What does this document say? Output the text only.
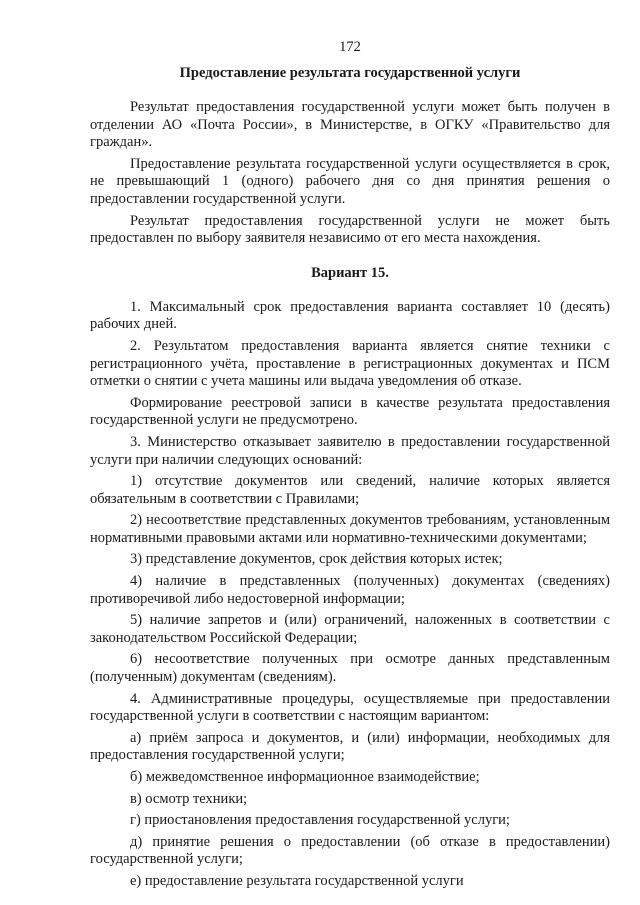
172
Предоставление результата государственной услуги

Результат предоставления государственной услуги может быть получен в отделении АО «Почта России», в Министерстве, в ОГКУ «Правительство для граждан».

Предоставление результата государственной услуги осуществляется в срок, не превышающий 1 (одного) рабочего дня со дня принятия решения о предоставлении государственной услуги.

Результат предоставления государственной услуги не может быть предоставлен по выбору заявителя независимо от его места нахождения.

Вариант 15.

1. Максимальный срок предоставления варианта составляет 10 (десять) рабочих дней.

2. Результатом предоставления варианта является снятие техники с регистрационного учёта, проставление в регистрационных документах и ПСМ отметки о снятии с учета машины или выдача уведомления об отказе.

Формирование реестровой записи в качестве результата предоставления государственной услуги не предусмотрено.

3. Министерство отказывает заявителю в предоставлении государственной услуги при наличии следующих оснований:

1) отсутствие документов или сведений, наличие которых является обязательным в соответствии с Правилами;

2) несоответствие представленных документов требованиям, установленным нормативными правовыми актами или нормативно-техническими документами;

3) представление документов, срок действия которых истек;

4) наличие в представленных (полученных) документах (сведениях) противоречивой либо недостоверной информации;

5) наличие запретов и (или) ограничений, наложенных в соответствии с законодательством Российской Федерации;

6) несоответствие полученных при осмотре данных представленным (полученным) документам (сведениям).

4. Административные процедуры, осуществляемые при предоставлении государственной услуги в соответствии с настоящим вариантом:

а) приём запроса и документов, и (или) информации, необходимых для предоставления государственной услуги;

б) межведомственное информационное взаимодействие;

в) осмотр техники;

г) приостановления предоставления государственной услуги;

д) принятие решения о предоставлении (об отказе в предоставлении) государственной услуги;

е) предоставление результата государственной услуги
